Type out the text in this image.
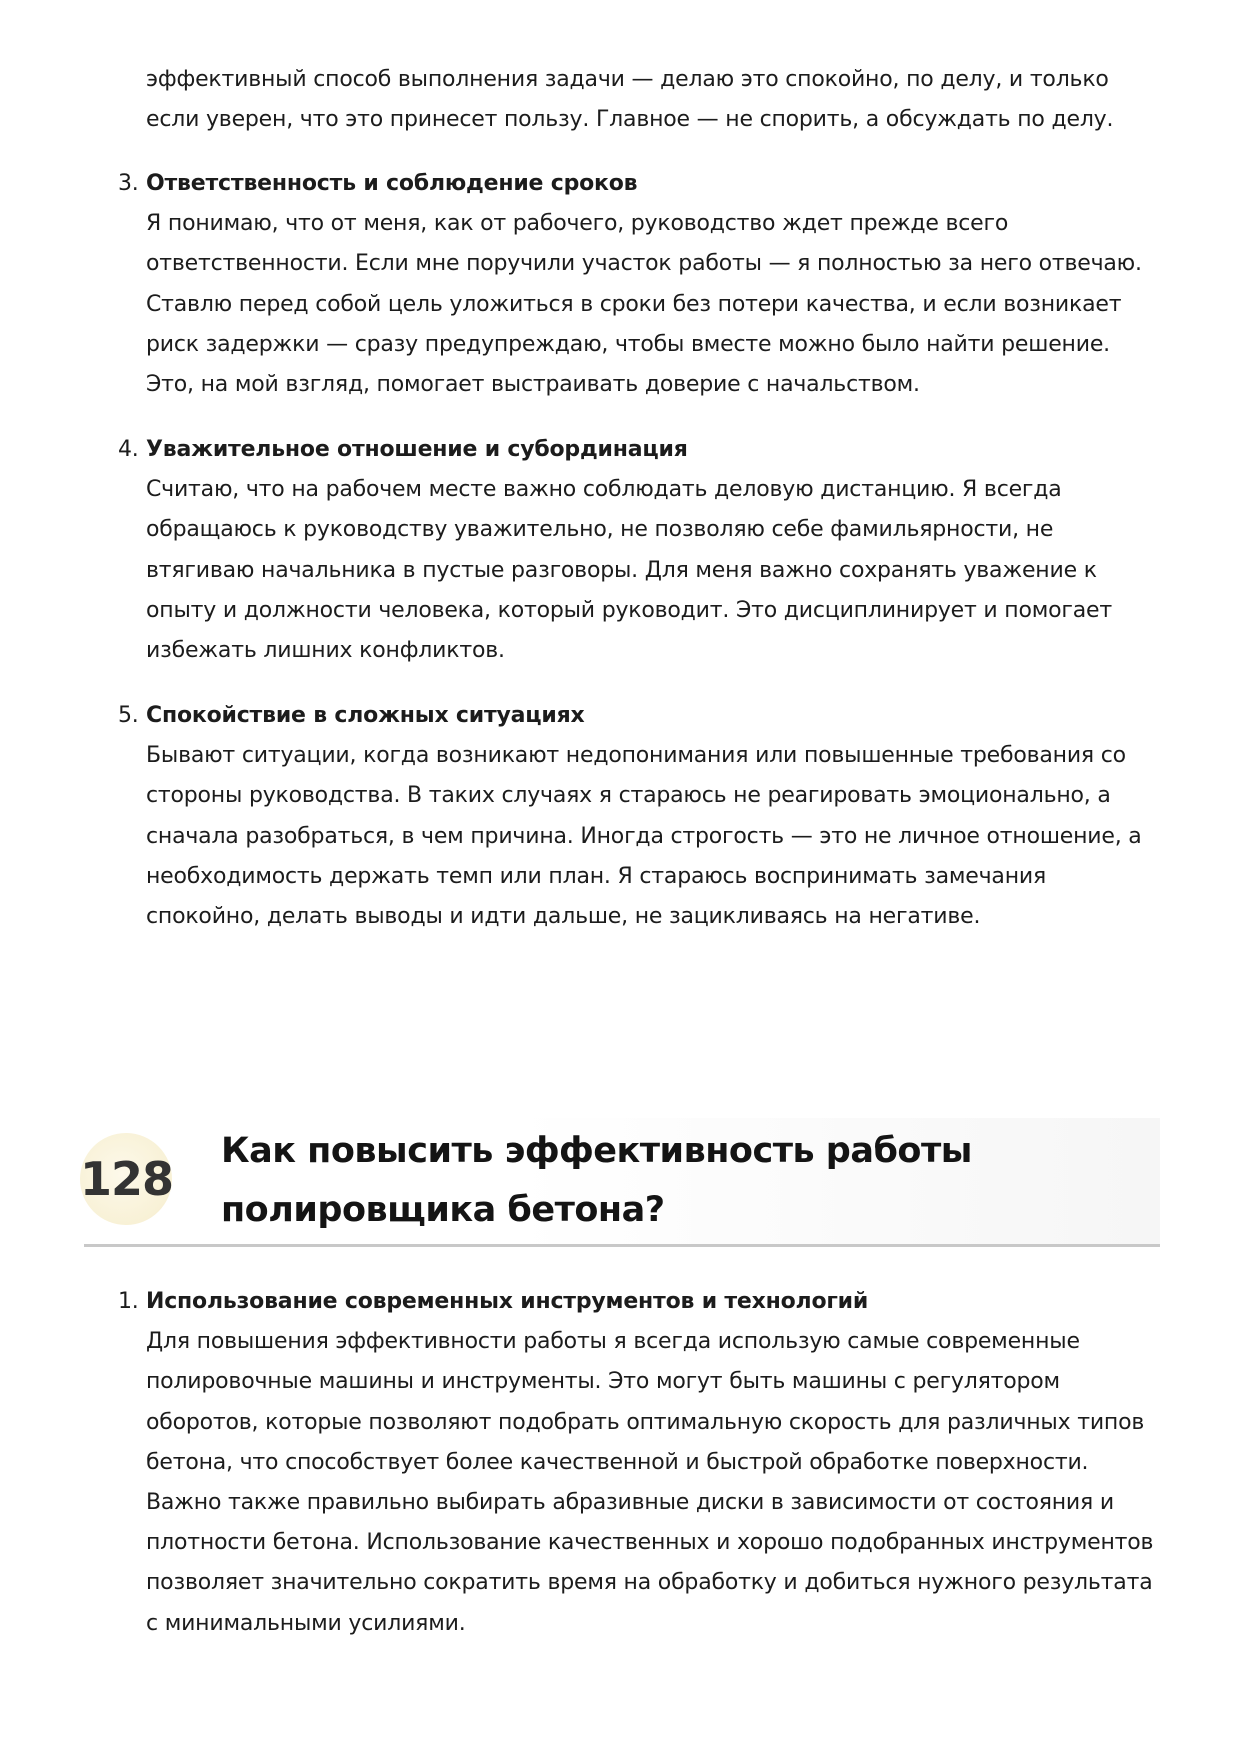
эффективный способ выполнения задачи — делаю это спокойно, по делу, и только
если уверен, что это принесет пользу. Главное — не спорить, а обсуждать по делу.
3. Ответственность и соблюдение сроков
Я понимаю, что от меня, как от рабочего, руководство ждет прежде всего ответственности. Если мне поручили участок работы — я полностью за него отвечаю. Ставлю перед собой цель уложиться в сроки без потери качества, и если возникает риск задержки — сразу предупреждаю, чтобы вместе можно было найти решение. Это, на мой взгляд, помогает выстраивать доверие с начальством.
4. Уважительное отношение и субординация
Считаю, что на рабочем месте важно соблюдать деловую дистанцию. Я всегда обращаюсь к руководству уважительно, не позволяю себе фамильярности, не втягиваю начальника в пустые разговоры. Для меня важно сохранять уважение к опыту и должности человека, который руководит. Это дисциплинирует и помогает избежать лишних конфликтов.
5. Спокойствие в сложных ситуациях
Бывают ситуации, когда возникают недопонимания или повышенные требования со стороны руководства. В таких случаях я стараюсь не реагировать эмоционально, а сначала разобраться, в чем причина. Иногда строгость — это не личное отношение, а необходимость держать темп или план. Я стараюсь воспринимать замечания спокойно, делать выводы и идти дальше, не зацикливаясь на негативе.
128
Как повысить эффективность работы
полировщика бетона?
1. Использование современных инструментов и технологий
Для повышения эффективности работы я всегда использую самые современные полировочные машины и инструменты. Это могут быть машины с регулятором оборотов, которые позволяют подобрать оптимальную скорость для различных типов бетона, что способствует более качественной и быстрой обработке поверхности. Важно также правильно выбирать абразивные диски в зависимости от состояния и плотности бетона. Использование качественных и хорошо подобранных инструментов позволяет значительно сократить время на обработку и добиться нужного результата с минимальными усилиями.
